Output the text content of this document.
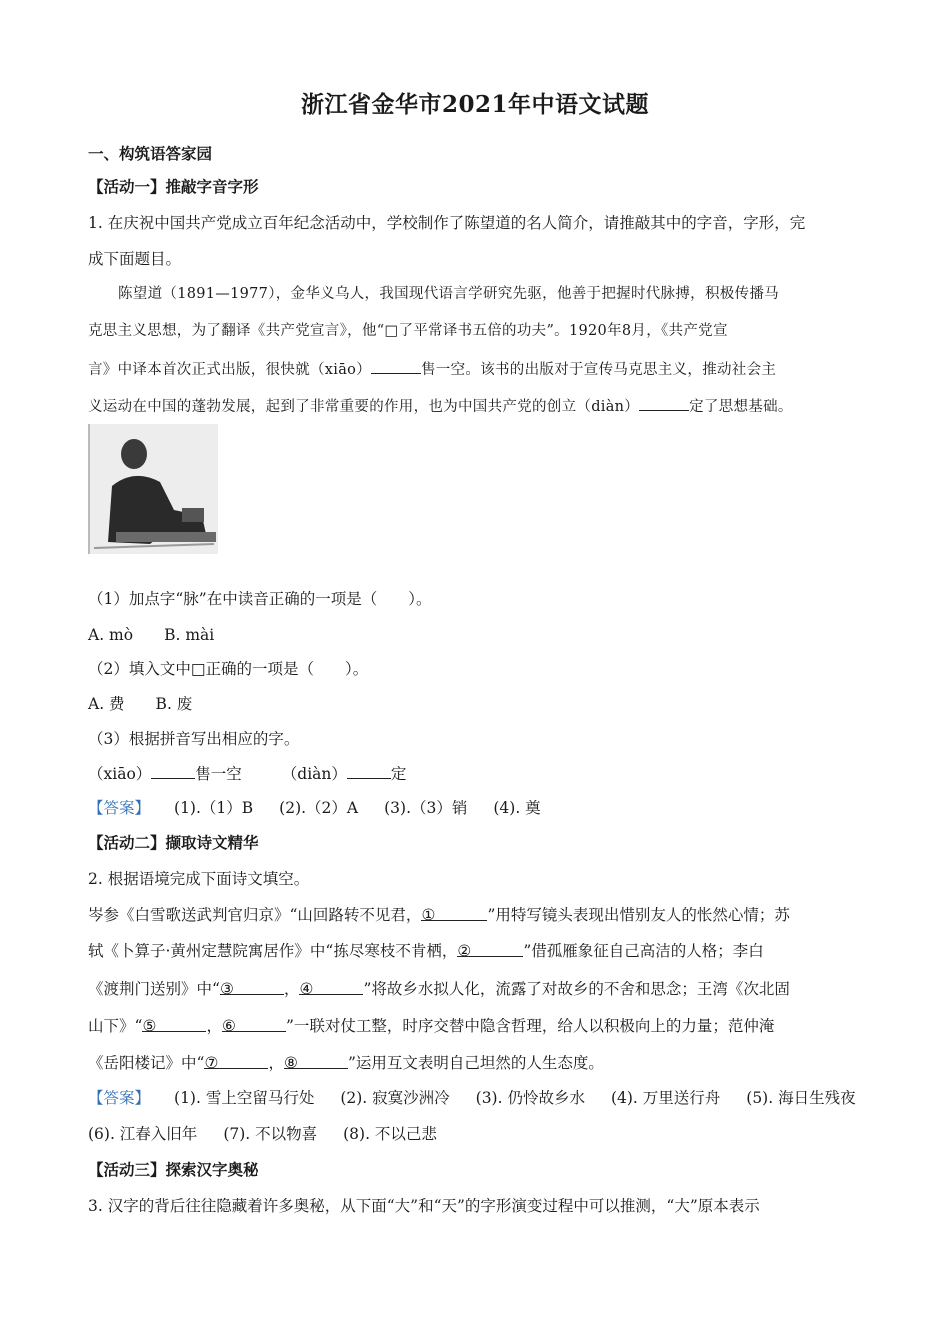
浙江省金华市2021年中语文试题
一、构筑语答家园
【活动一】推敲字音字形
1. 在庆祝中国共产党成立百年纪念活动中，学校制作了陈望道的名人简介，请推敲其中的字音，字形，完
成下面题目。
陈望道（1891—1977），金华义乌人，我国现代语言学研究先驱，他善于把握时代脉搏，积极传播马
克思主义思想，为了翻译《共产党宣言》，他“□了平常译书五倍的功夫”。1920年8月，《共产党宣
言》中译本首次正式出版，很快就（xiāo）	售一空。该书的出版对于宣传马克思主义，推动社会主
义运动在中国的蓬勃发展，起到了非常重要的作用，也为中国共产党的创立（diàn）	定了思想基础。
（1）加点字“脉”在中读音正确的一项是（　　）。
A. mò　　B. mài
（2）填入文中□正确的一项是（　　）。
A. 费　　B. 废
（3）根据拼音写出相应的字。
（xiāo）	售一空	（diàn）	定
【答案】 (1).（1）B (2).（2）A (3).（3）销 (4). 奠
【活动二】撷取诗文精华
2. 根据语境完成下面诗文填空。
岑参《白雪歌送武判官归京》“山回路转不见君，①	”用特写镜头表现出惜别友人的怅然心情；苏
轼《卜算子·黄州定慧院寓居作》中“拣尽寒枝不肯栖，②	”借孤雁象征自己高洁的人格；李白
《渡荆门送别》中“③	，④	”将故乡水拟人化，流露了对故乡的不舍和思念；王湾《次北固
山下》“⑤	，⑥	”一联对仗工整，时序交替中隐含哲理，给人以积极向上的力量；范仲淹
《岳阳楼记》中“⑦	，⑧	”运用互文表明自己坦然的人生态度。
【答案】 (1). 雪上空留马行处 (2). 寂寞沙洲冷 (3). 仍怜故乡水 (4). 万里送行舟 (5). 海日生残夜
(6). 江春入旧年 (7). 不以物喜 (8). 不以己悲
【活动三】探索汉字奥秘
3. 汉字的背后往往隐藏着许多奥秘，从下面“大”和“天”的字形演变过程中可以推测，“大”原本表示
